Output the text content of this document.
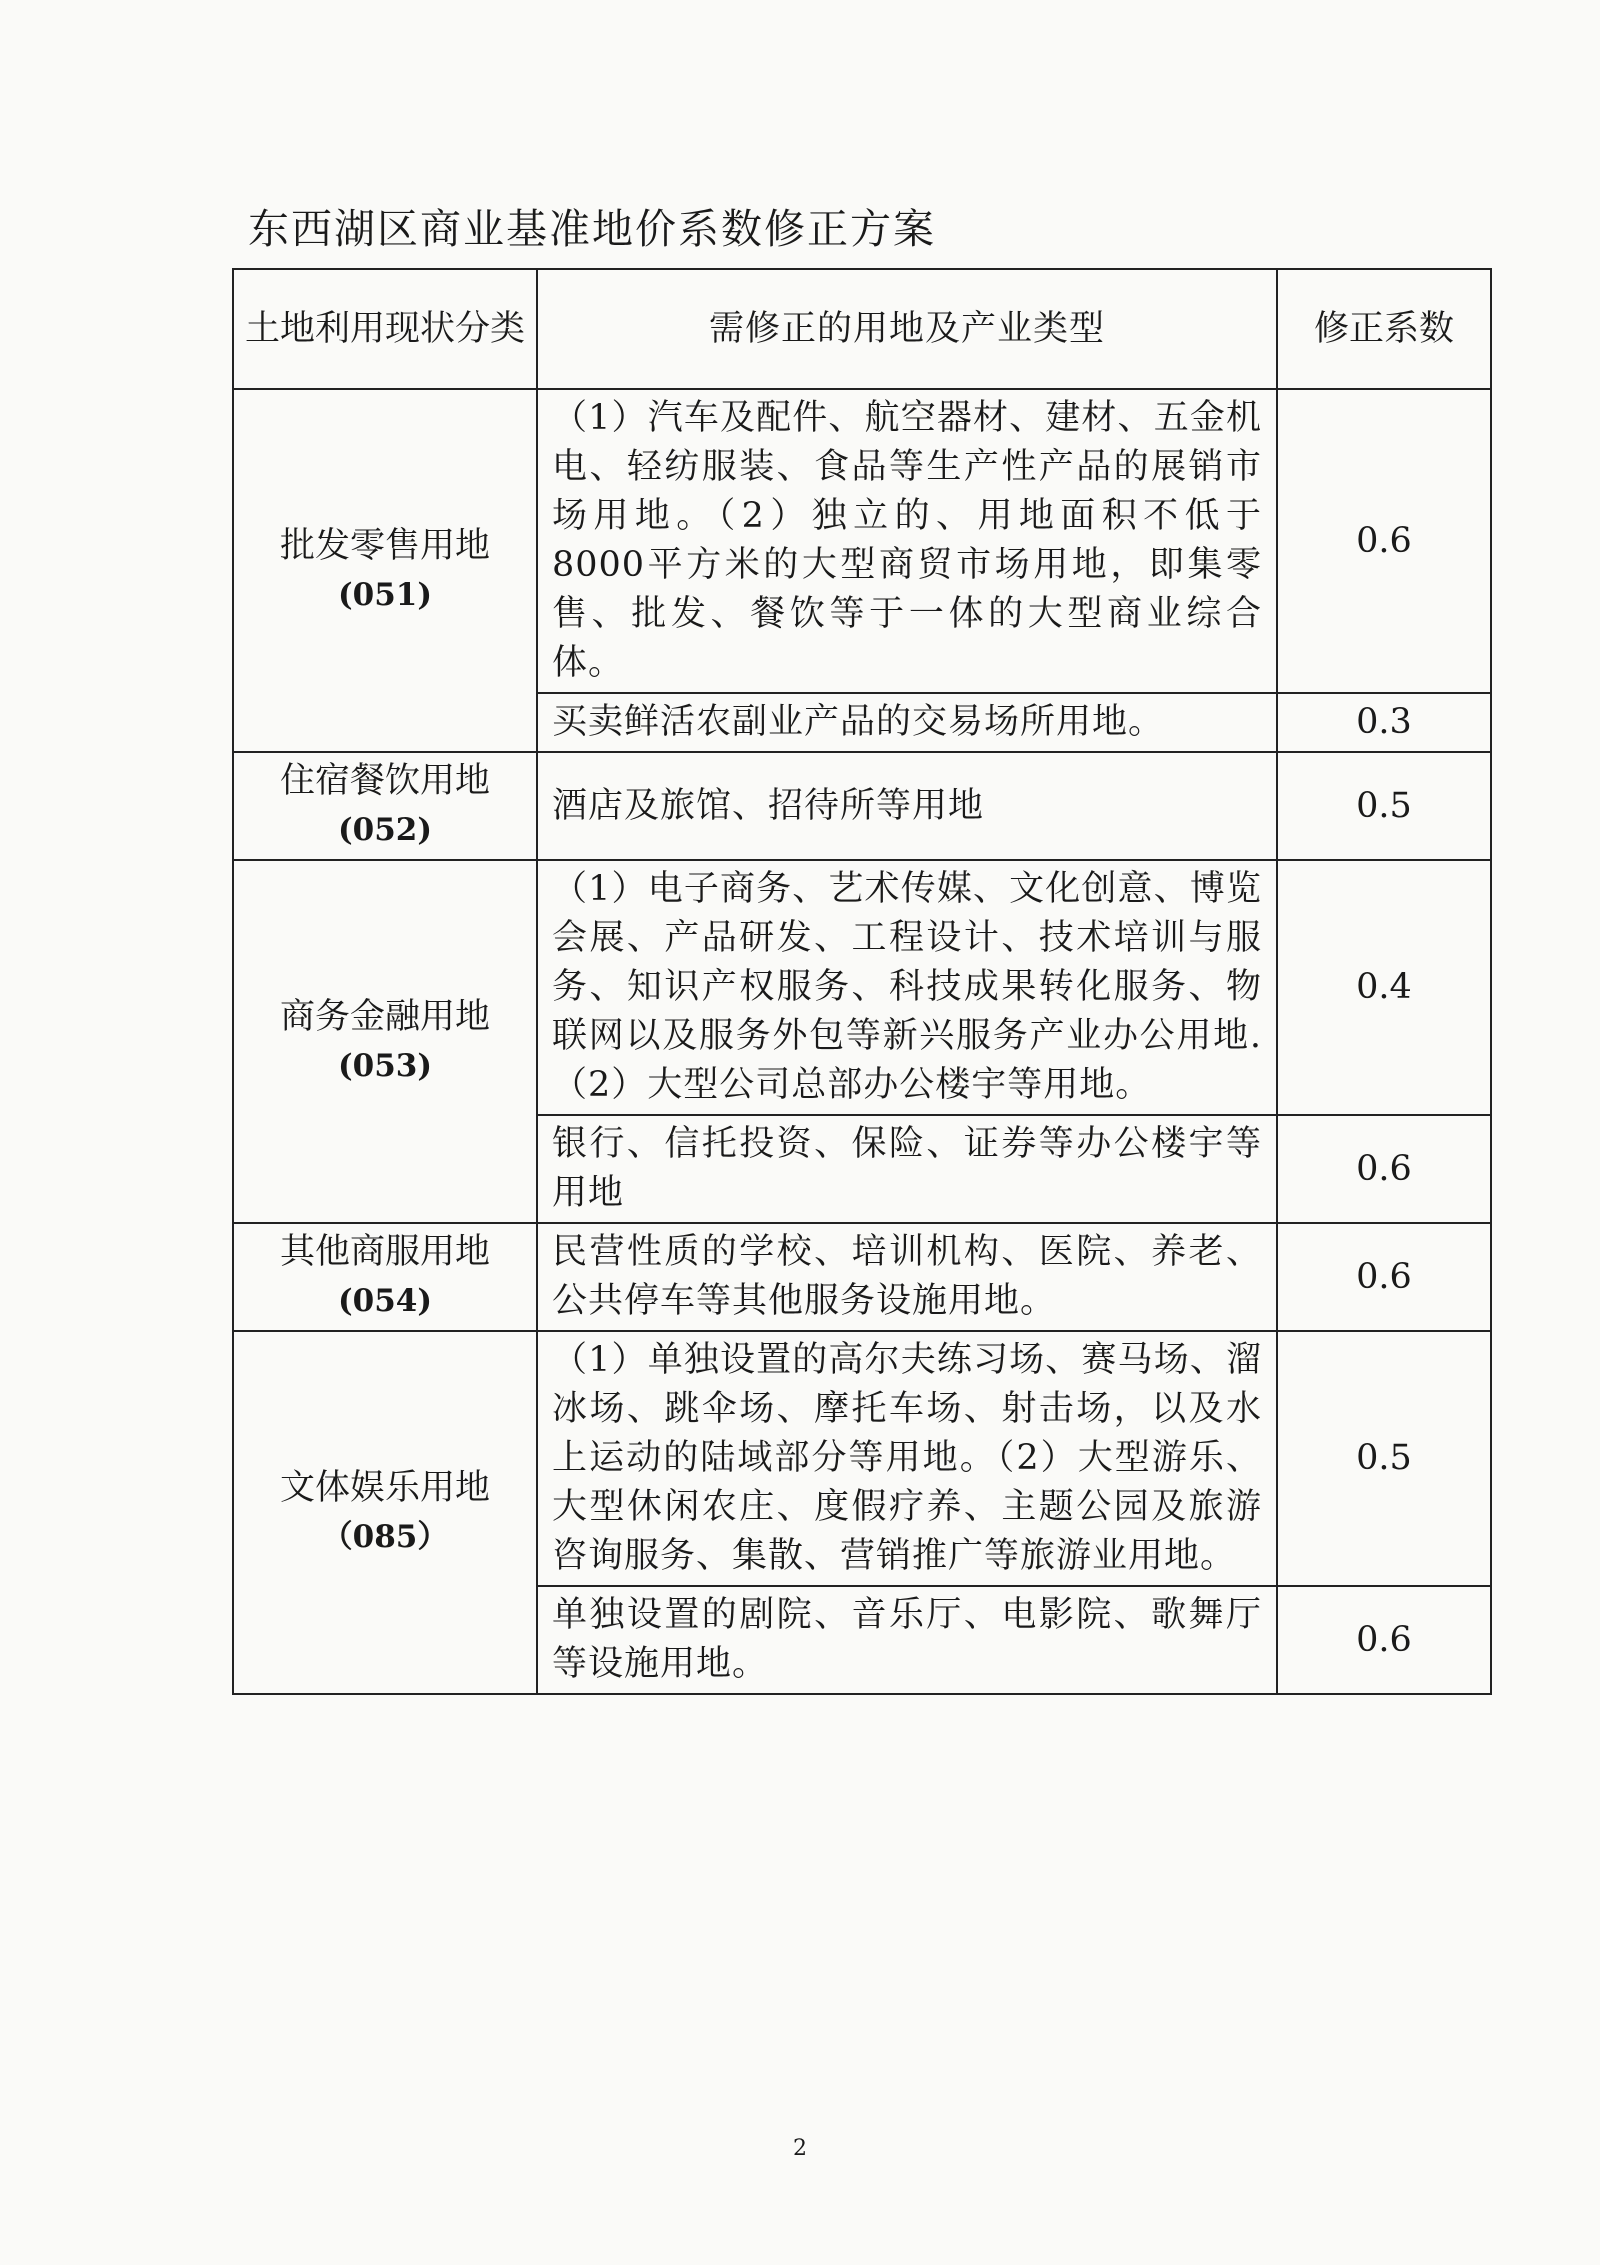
东西湖区商业基准地价系数修正方案
土地利用现状分类	需修正的用地及产业类型	修正系数

批发零售用地
(051)	（1）汽车及配件、航空器材、建材、五金机电、轻纺服装、食品等生产性产品的展销市场用地。（2）独立的、用地面积不低于8000平方米的大型商贸市场用地，即集零售、批发、餐饮等于一体的大型商业综合体。	0.6
	买卖鲜活农副业产品的交易场所用地。	0.3

住宿餐饮用地
(052)	酒店及旅馆、招待所等用地	0.5

商务金融用地
(053)	（1）电子商务、艺术传媒、文化创意、博览会展、产品研发、工程设计、技术培训与服务、知识产权服务、科技成果转化服务、物联网以及服务外包等新兴服务产业办公用地.（2）大型公司总部办公楼宇等用地。	0.4
	银行、信托投资、保险、证券等办公楼宇等用地	0.6

其他商服用地
(054)	民营性质的学校、培训机构、医院、养老、公共停车等其他服务设施用地。	0.6

文体娱乐用地
（085）	（1）单独设置的高尔夫练习场、赛马场、溜冰场、跳伞场、摩托车场、射击场，以及水上运动的陆域部分等用地。（2）大型游乐、大型休闲农庄、度假疗养、主题公园及旅游咨询服务、集散、营销推广等旅游业用地。	0.5
	单独设置的剧院、音乐厅、电影院、歌舞厅等设施用地。	0.6
2
